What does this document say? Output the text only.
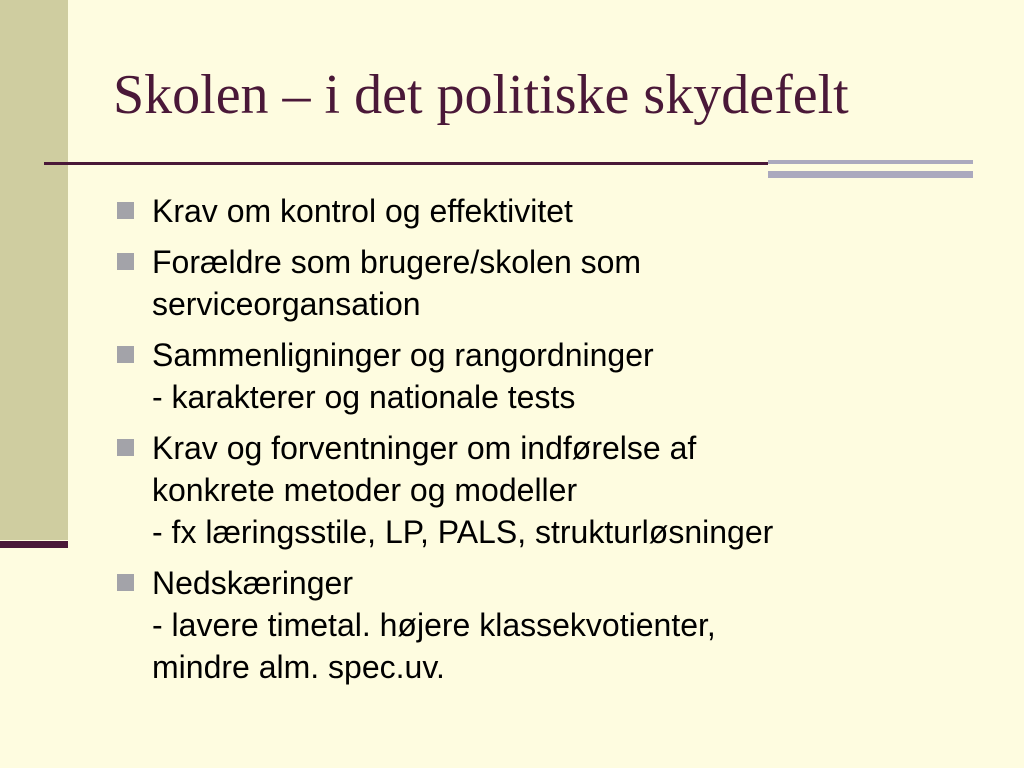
Skolen – i det politiske skydefelt
Krav om kontrol og effektivitet
Forældre som brugere/skolen som
serviceorgansation
Sammenligninger og rangordninger
- karakterer og nationale tests
Krav og forventninger om indførelse af
konkrete metoder og modeller
- fx læringsstile, LP, PALS, strukturløsninger
Nedskæringer
- lavere timetal. højere klassekvotienter,
mindre alm. spec.uv.
